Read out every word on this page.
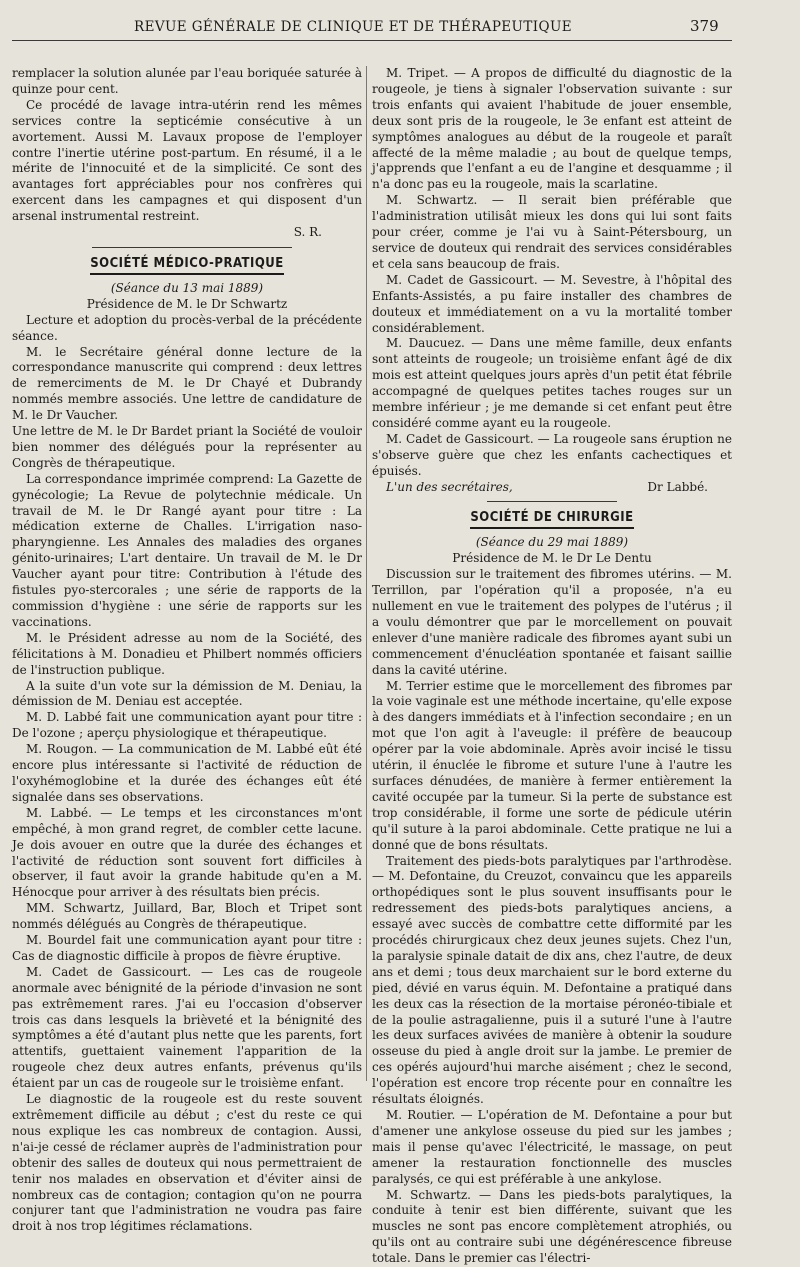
REVUE GÉNÉRALE DE CLINIQUE ET DE THÉRAPEUTIQUE	379

remplacer la solution alunée par l'eau boriquée saturée à quinze pour cent.

Ce procédé de lavage intra-utérin rend les mêmes services contre la septicémie consécutive à un avortement. Aussi M. Lavaux propose de l'employer contre l'inertie utérine post-partum. En résumé, il a le mérite de l'innocuité et de la simplicité. Ce sont des avantages fort appréciables pour nos confrères qui exercent dans les campagnes et qui disposent d'un arsenal instrumental restreint.

S. R.

SOCIÉTÉ MÉDICO-PRATIQUE

(Séance du 13 mai 1889)

Présidence de M. le Dr Schwartz

Lecture et adoption du procès-verbal de la précédente séance.

M. le Secrétaire général donne lecture de la correspondance manuscrite qui comprend : deux lettres de remerciments de M. le Dr Chayé et Dubrandy nommés membre associés. Une lettre de candidature de M. le Dr Vaucher.

Une lettre de M. le Dr Bardet priant la Société de vouloir bien nommer des délégués pour la représenter au Congrès de thérapeutique.

La correspondance imprimée comprend: La Gazette de gynécologie; La Revue de polytechnie médicale. Un travail de M. le Dr Rangé ayant pour titre : La médication externe de Challes. L'irrigation naso-pharyngienne. Les Annales des maladies des organes génito-urinaires; L'art dentaire. Un travail de M. le Dr Vaucher ayant pour titre: Contribution à l'étude des fistules pyo-stercorales ; une série de rapports de la commission d'hygiène : une série de rapports sur les vaccinations.

M. le Président adresse au nom de la Société, des félicitations à M. Donadieu et Philbert nommés officiers de l'instruction publique.

A la suite d'un vote sur la démission de M. Deniau, la démission de M. Deniau est acceptée.

M. D. Labbé fait une communication ayant pour titre : De l'ozone ; aperçu physiologique et thérapeutique.

M. Rougon. — La communication de M. Labbé eût été encore plus intéressante si l'activité de réduction de l'oxyhémoglobine et la durée des échanges eût été signalée dans ses observations.

M. Labbé. — Le temps et les circonstances m'ont empêché, à mon grand regret, de combler cette lacune. Je dois avouer en outre que la durée des échanges et l'activité de réduction sont souvent fort difficiles à observer, il faut avoir la grande habitude qu'en a M. Hénocque pour arriver à des résultats bien précis.

MM. Schwartz, Juillard, Bar, Bloch et Tripet sont nommés délégués au Congrès de thérapeutique.

M. Bourdel fait une communication ayant pour titre : Cas de diagnostic difficile à propos de fièvre éruptive.

M. Cadet de Gassicourt. — Les cas de rougeole anormale avec bénignité de la période d'invasion ne sont pas extrêmement rares. J'ai eu l'occasion d'observer trois cas dans lesquels la brièveté et la bénignité des symptômes a été d'autant plus nette que les parents, fort attentifs, guettaient vainement l'apparition de la rougeole chez deux autres enfants, prévenus qu'ils étaient par un cas de rougeole sur le troisième enfant.

Le diagnostic de la rougeole est du reste souvent extrêmement difficile au début ; c'est du reste ce qui nous explique les cas nombreux de contagion. Aussi, n'ai-je cessé de réclamer auprès de l'administration pour obtenir des salles de douteux qui nous permettraient de tenir nos malades en observation et d'éviter ainsi de nombreux cas de contagion; contagion qu'on ne pourra conjurer tant que l'administration ne voudra pas faire droit à nos trop légitimes réclamations.

M. Tripet. — A propos de difficulté du diagnostic de la rougeole, je tiens à signaler l'observation suivante : sur trois enfants qui avaient l'habitude de jouer ensemble, deux sont pris de la rougeole, le 3e enfant est atteint de symptômes analogues au début de la rougeole et paraît affecté de la même maladie ; au bout de quelque temps, j'apprends que l'enfant a eu de l'angine et desquamme ; il n'a donc pas eu la rougeole, mais la scarlatine.

M. Schwartz. — Il serait bien préférable que l'administration utilisât mieux les dons qui lui sont faits pour créer, comme je l'ai vu à Saint-Pétersbourg, un service de douteux qui rendrait des services considérables et cela sans beaucoup de frais.

M. Cadet de Gassicourt. — M. Sevestre, à l'hôpital des Enfants-Assistés, a pu faire installer des chambres de douteux et immédiatement on a vu la mortalité tomber considérablement.

M. Daucuez. — Dans une même famille, deux enfants sont atteints de rougeole; un troisième enfant âgé de dix mois est atteint quelques jours après d'un petit état fébrile accompagné de quelques petites taches rouges sur un membre inférieur ; je me demande si cet enfant peut être considéré comme ayant eu la rougeole.

M. Cadet de Gassicourt. — La rougeole sans éruption ne s'observe guère que chez les enfants cachectiques et épuisés.

L'un des secrétaires,	Dr Labbé.
SOCIÉTÉ DE CHIRURGIE

(Séance du 29 mai 1889)

Présidence de M. le Dr Le Dentu

Discussion sur le traitement des fibromes utérins. — M. Terrillon, par l'opération qu'il a proposée, n'a eu nullement en vue le traitement des polypes de l'utérus ; il a voulu démontrer que par le morcellement on pouvait enlever d'une manière radicale des fibromes ayant subi un commencement d'énucléation spontanée et faisant saillie dans la cavité utérine.

M. Terrier estime que le morcellement des fibromes par la voie vaginale est une méthode incertaine, qu'elle expose à des dangers immédiats et à l'infection secondaire ; en un mot que l'on agit à l'aveugle: il préfère de beaucoup opérer par la voie abdominale. Après avoir incisé le tissu utérin, il énuclée le fibrome et suture l'une à l'autre les surfaces dénudées, de manière à fermer entièrement la cavité occupée par la tumeur. Si la perte de substance est trop considérable, il forme une sorte de pédicule utérin qu'il suture à la paroi abdominale. Cette pratique ne lui a donné que de bons résultats.

Traitement des pieds-bots paralytiques par l'arthrodèse. — M. Defontaine, du Creuzot, convaincu que les appareils orthopédiques sont le plus souvent insuffisants pour le redressement des pieds-bots paralytiques anciens, a essayé avec succès de combattre cette difformité par les procédés chirurgicaux chez deux jeunes sujets. Chez l'un, la paralysie spinale datait de dix ans, chez l'autre, de deux ans et demi ; tous deux marchaient sur le bord externe du pied, dévié en varus équin. M. Defontaine a pratiqué dans les deux cas la résection de la mortaise péronéo-tibiale et de la poulie astragalienne, puis il a suturé l'une à l'autre les deux surfaces avivées de manière à obtenir la soudure osseuse du pied à angle droit sur la jambe. Le premier de ces opérés aujourd'hui marche aisément ; chez le second, l'opération est encore trop récente pour en connaître les résultats éloignés.

M. Routier. — L'opération de M. Defontaine a pour but d'amener une ankylose osseuse du pied sur les jambes ; mais il pense qu'avec l'électricité, le massage, on peut amener la restauration fonctionnelle des muscles paralysés, ce qui est préférable à une ankylose.

M. Schwartz. — Dans les pieds-bots paralytiques, la conduite à tenir est bien différente, suivant que les muscles ne sont pas encore complètement atrophiés, ou qu'ils ont au contraire subi une dégénérescence fibreuse totale. Dans le premier cas l'électri-
